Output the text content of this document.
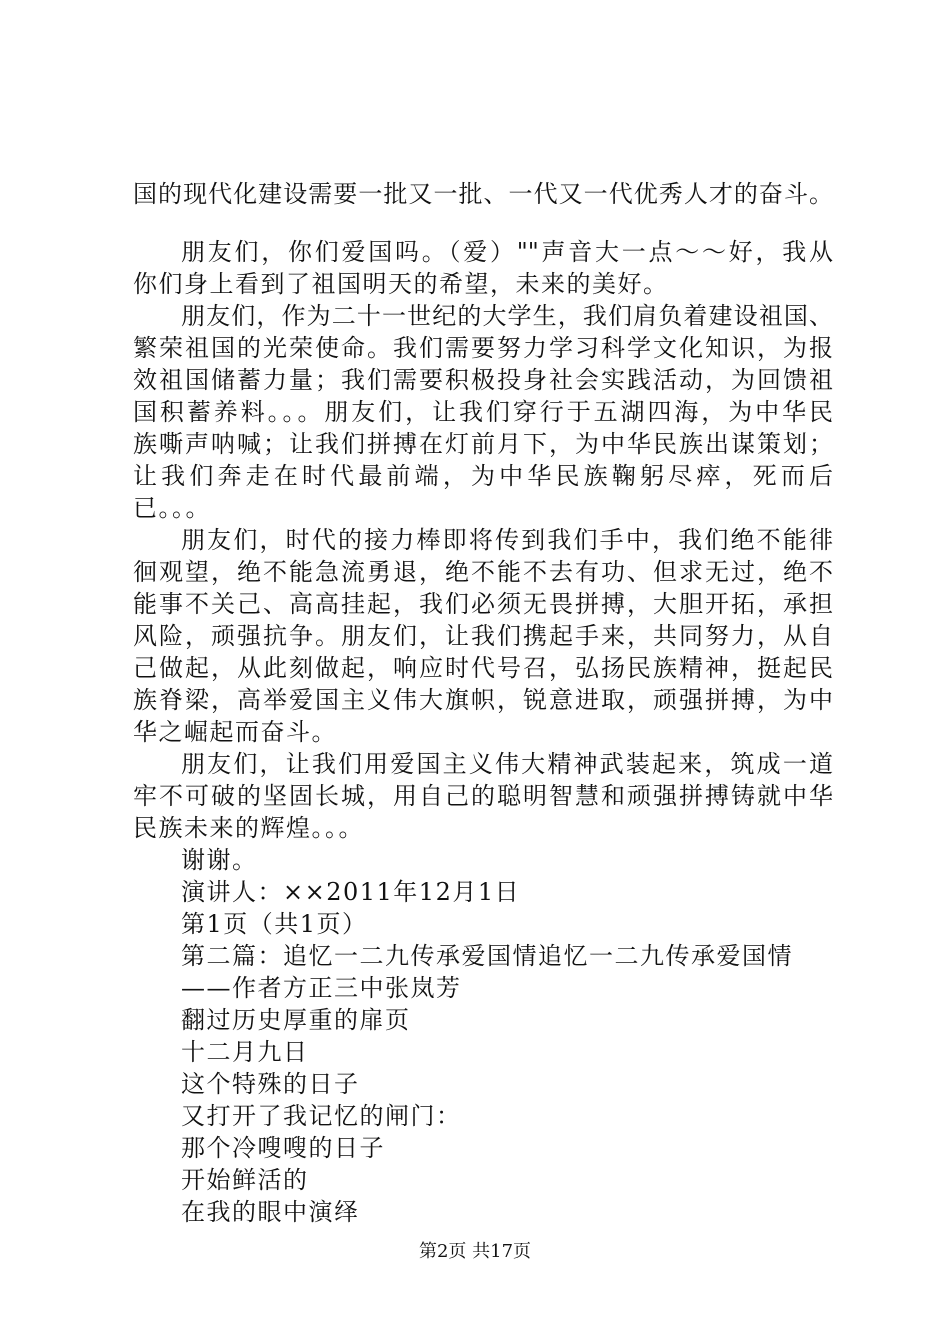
国的现代化建设需要一批又一批、一代又一代优秀人才的奋斗。
朋友们，你们爱国吗。（爱）""声音大一点～～好，我从
你们身上看到了祖国明天的希望，未来的美好。
朋友们，作为二十一世纪的大学生，我们肩负着建设祖国、
繁荣祖国的光荣使命。我们需要努力学习科学文化知识，为报
效祖国储蓄力量；我们需要积极投身社会实践活动，为回馈祖
国积蓄养料。。。朋友们，让我们穿行于五湖四海，为中华民
族嘶声呐喊；让我们拼搏在灯前月下，为中华民族出谋策划；
让我们奔走在时代最前端，为中华民族鞠躬尽瘁，死而后
已。。。
朋友们，时代的接力棒即将传到我们手中，我们绝不能徘
徊观望，绝不能急流勇退，绝不能不去有功、但求无过，绝不
能事不关己、高高挂起，我们必须无畏拼搏，大胆开拓，承担
风险，顽强抗争。朋友们，让我们携起手来，共同努力，从自
己做起，从此刻做起，响应时代号召，弘扬民族精神，挺起民
族脊梁，高举爱国主义伟大旗帜，锐意进取，顽强拼搏，为中
华之崛起而奋斗。
朋友们，让我们用爱国主义伟大精神武装起来，筑成一道
牢不可破的坚固长城，用自己的聪明智慧和顽强拼搏铸就中华
民族未来的辉煌。。。
谢谢。
演讲人：××2011年12月1日
第1页（共1页）
第二篇：追忆一二九传承爱国情追忆一二九传承爱国情
——作者方正三中张岚芳
翻过历史厚重的扉页
十二月九日
这个特殊的日子
又打开了我记忆的闸门：
那个冷嗖嗖的日子
开始鲜活的
在我的眼中演绎
第2页 共17页
